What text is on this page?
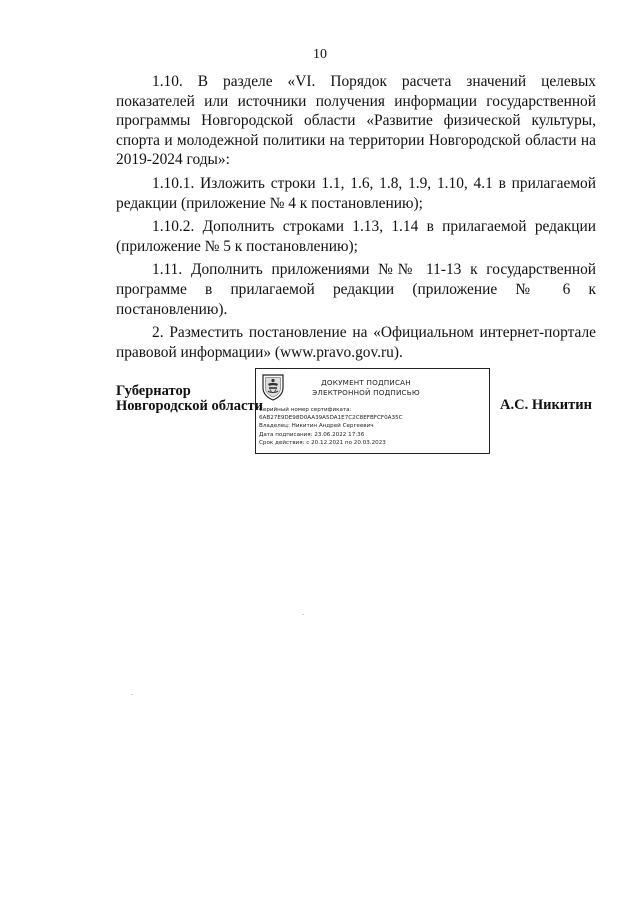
10

1.10. В разделе «VI. Порядок расчета значений целевых показателей или источники получения информации государственной программы Новгородской области «Развитие физической культуры, спорта и молодежной политики на территории Новгородской области на 2019-2024 годы»:

1.10.1. Изложить строки 1.1, 1.6, 1.8, 1.9, 1.10, 4.1 в прилагаемой редакции (приложение № 4 к постановлению);

1.10.2. Дополнить строками 1.13, 1.14 в прилагаемой редакции (приложение № 5 к постановлению);

1.11. Дополнить приложениями №№ 11-13 к государственной программе в прилагаемой редакции (приложение № 6 к постановлению).

2. Разместить постановление на «Официальном интернет-портале правовой информации» (www.pravo.gov.ru).

Губернатор
Новгородской области
ДОКУМЕНТ ПОДПИСАН
ЭЛЕКТРОННОЙ ПОДПИСЬЮ
Серийный номер сертификата:
6AB27E9DE98D0AA39A5DA1E7C2C8EFBFCF0A35C
Владелец: Никитин Андрей Сергеевич
Дата подписания: 23.06.2022 17:36
Срок действия: с 20.12.2021 по 20.03.2023
А.С. Никитин
